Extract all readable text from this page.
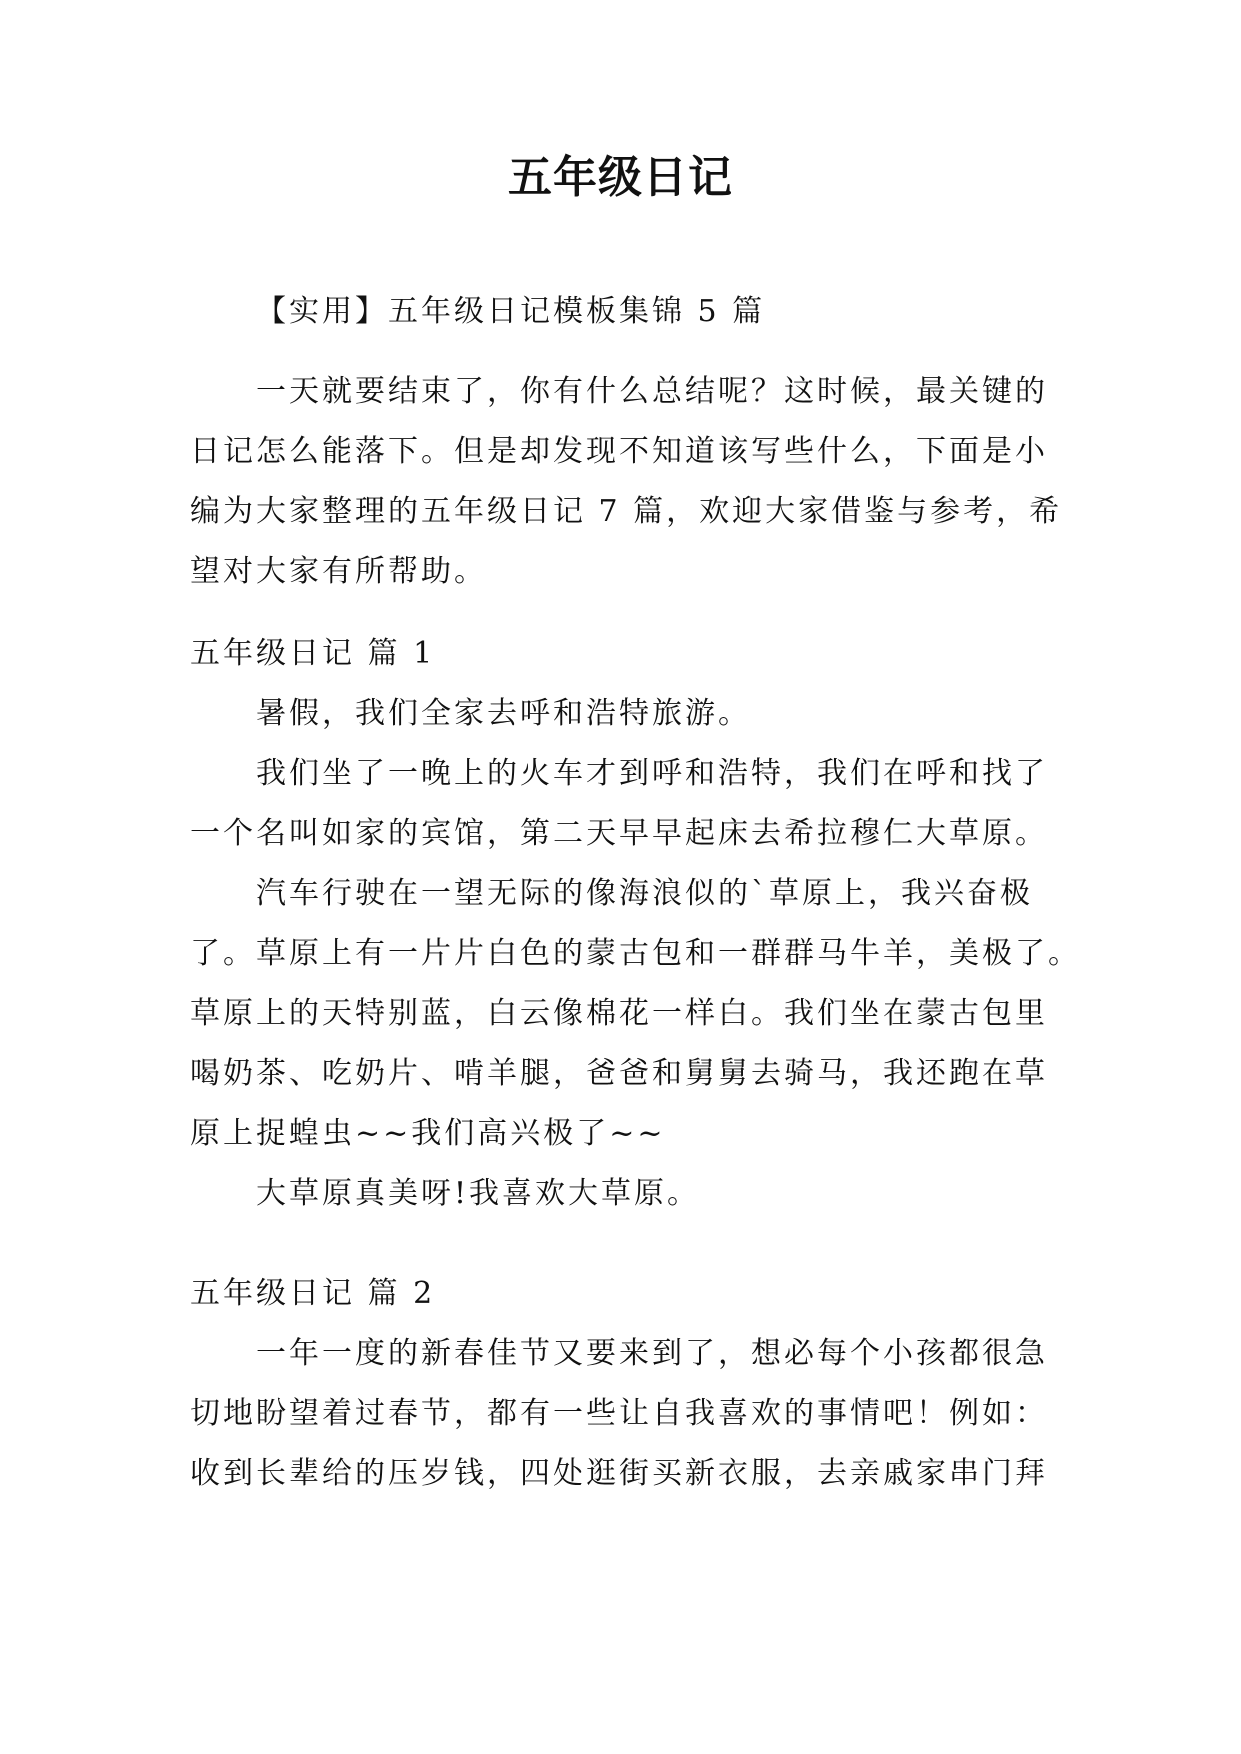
五年级日记
【实用】五年级日记模板集锦 5 篇
一天就要结束了，你有什么总结呢？这时候，最关键的
日记怎么能落下。但是却发现不知道该写些什么，下面是小
编为大家整理的五年级日记 7 篇，欢迎大家借鉴与参考，希
望对大家有所帮助。
五年级日记 篇 1
暑假，我们全家去呼和浩特旅游。
我们坐了一晚上的火车才到呼和浩特，我们在呼和找了
一个名叫如家的宾馆，第二天早早起床去希拉穆仁大草原。
汽车行驶在一望无际的像海浪似的`草原上，我兴奋极
了。草原上有一片片白色的蒙古包和一群群马牛羊，美极了。
草原上的天特别蓝，白云像棉花一样白。我们坐在蒙古包里
喝奶茶、吃奶片、啃羊腿，爸爸和舅舅去骑马，我还跑在草
原上捉蝗虫~~我们高兴极了~~
大草原真美呀!我喜欢大草原。
五年级日记 篇 2
一年一度的新春佳节又要来到了，想必每个小孩都很急
切地盼望着过春节，都有一些让自我喜欢的事情吧！例如：
收到长辈给的压岁钱，四处逛街买新衣服，去亲戚家串门拜
